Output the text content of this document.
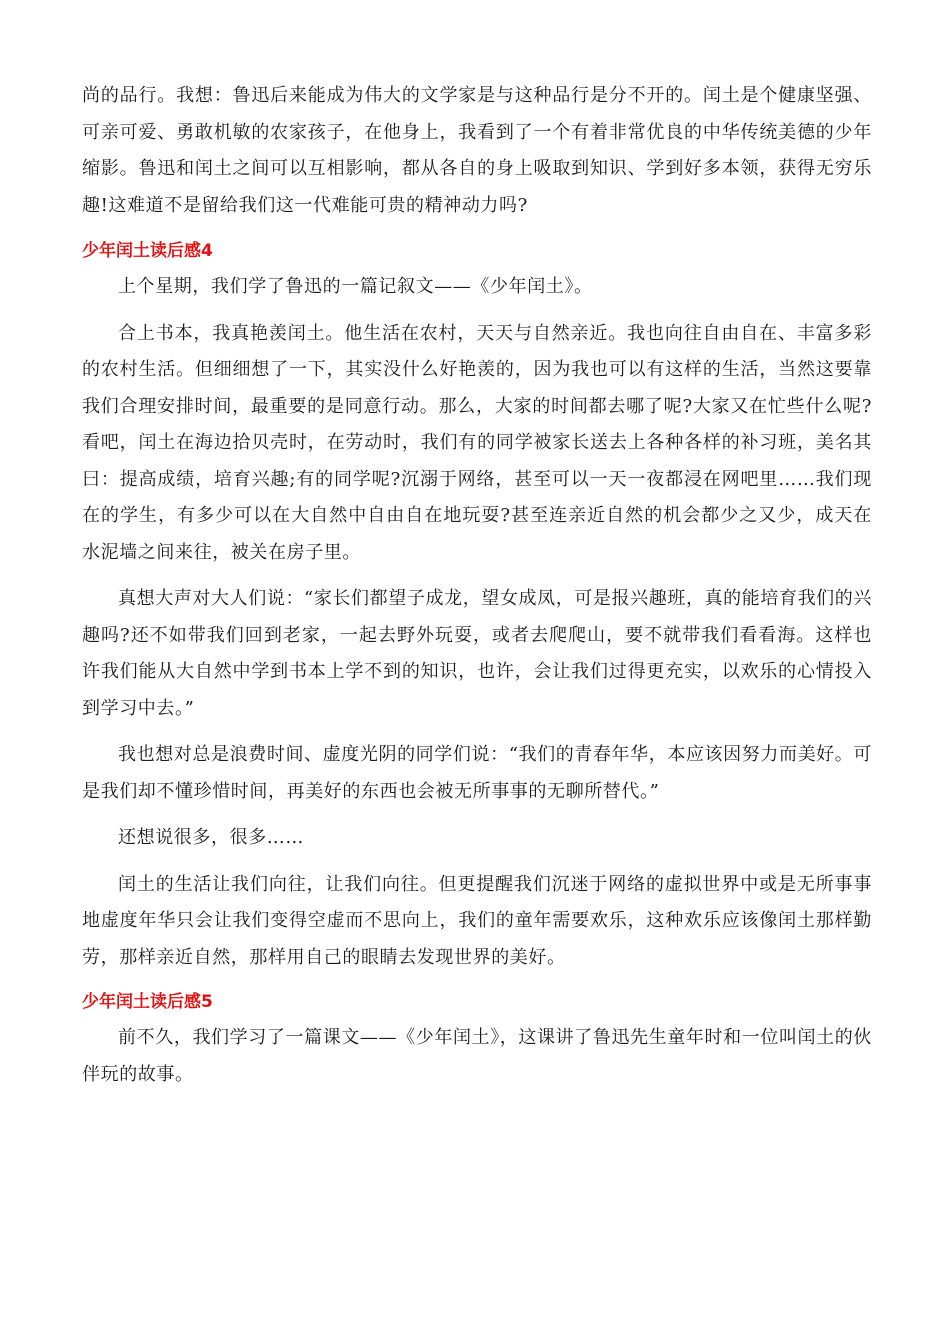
尚的品行。我想：鲁迅后来能成为伟大的文学家是与这种品行是分不开的。闰土是个健康坚强、可亲可爱、勇敢机敏的农家孩子，在他身上，我看到了一个有着非常优良的中华传统美德的少年缩影。鲁迅和闰土之间可以互相影响，都从各自的身上吸取到知识、学到好多本领，获得无穷乐趣!这难道不是留给我们这一代难能可贵的精神动力吗?

少年闰土读后感4

上个星期，我们学了鲁迅的一篇记叙文——《少年闰土》。

合上书本，我真艳羡闰土。他生活在农村，天天与自然亲近。我也向往自由自在、丰富多彩的农村生活。但细细想了一下，其实没什么好艳羡的，因为我也可以有这样的生活，当然这要靠我们合理安排时间，最重要的是同意行动。那么，大家的时间都去哪了呢?大家又在忙些什么呢?看吧，闰土在海边拾贝壳时，在劳动时，我们有的同学被家长送去上各种各样的补习班，美名其曰：提高成绩，培育兴趣;有的同学呢?沉溺于网络，甚至可以一天一夜都浸在网吧里……我们现在的学生，有多少可以在大自然中自由自在地玩耍?甚至连亲近自然的机会都少之又少，成天在水泥墙之间来往，被关在房子里。

真想大声对大人们说：“家长们都望子成龙，望女成凤，可是报兴趣班，真的能培育我们的兴趣吗?还不如带我们回到老家，一起去野外玩耍，或者去爬爬山，要不就带我们看看海。这样也许我们能从大自然中学到书本上学不到的知识，也许，会让我们过得更充实，以欢乐的心情投入到学习中去。”

我也想对总是浪费时间、虚度光阴的同学们说：“我们的青春年华，本应该因努力而美好。可是我们却不懂珍惜时间，再美好的东西也会被无所事事的无聊所替代。”

还想说很多，很多……

闰土的生活让我们向往，让我们向往。但更提醒我们沉迷于网络的虚拟世界中或是无所事事地虚度年华只会让我们变得空虚而不思向上，我们的童年需要欢乐，这种欢乐应该像闰土那样勤劳，那样亲近自然，那样用自己的眼睛去发现世界的美好。

少年闰土读后感5

前不久，我们学习了一篇课文——《少年闰土》，这课讲了鲁迅先生童年时和一位叫闰土的伙伴玩的故事。
